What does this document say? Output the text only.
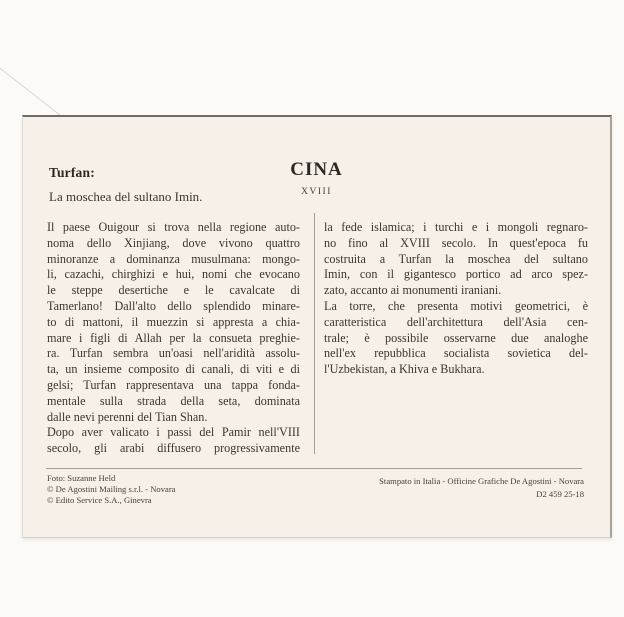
Turfan:
La moschea del sultano Imin.
CINA
XVIII
Il paese Ouigour si trova nella regione auto-
noma dello Xinjiang, dove vivono quattro
minoranze a dominanza musulmana: mongo-
li, cazachi, chirghizi e hui, nomi che evocano
le steppe desertiche e le cavalcate di
Tamerlano! Dall'alto dello splendido minare-
to di mattoni, il muezzin si appresta a chia-
mare i figli di Allah per la consueta preghie-
ra. Turfan sembra un'oasi nell'aridità assolu-
ta, un insieme composito di canali, di viti e di
gelsi; Turfan rappresentava una tappa fonda-
mentale sulla strada della seta, dominata
dalle nevi perenni del Tian Shan.
Dopo aver valicato i passi del Pamir nell'VIII
secolo, gli arabi diffusero progressivamente
la fede islamica; i turchi e i mongoli regnaro-
no fino al XVIII secolo. In quest'epoca fu
costruita a Turfan la moschea del sultano
Imin, con il gigantesco portico ad arco spez-
zato, accanto ai monumenti iraniani.
La torre, che presenta motivi geometrici, è
caratteristica dell'architettura dell'Asia cen-
trale; è possibile osservarne due analoghe
nell'ex repubblica socialista sovietica del-
l'Uzbekistan, a Khiva e Bukhara.
Foto: Suzanne Held
© De Agostini Mailing s.r.l. - Novara
© Edito Service S.A., Ginevra
Stampato in Italia - Officine Grafiche De Agostini - Novara
D2 459 25-18
